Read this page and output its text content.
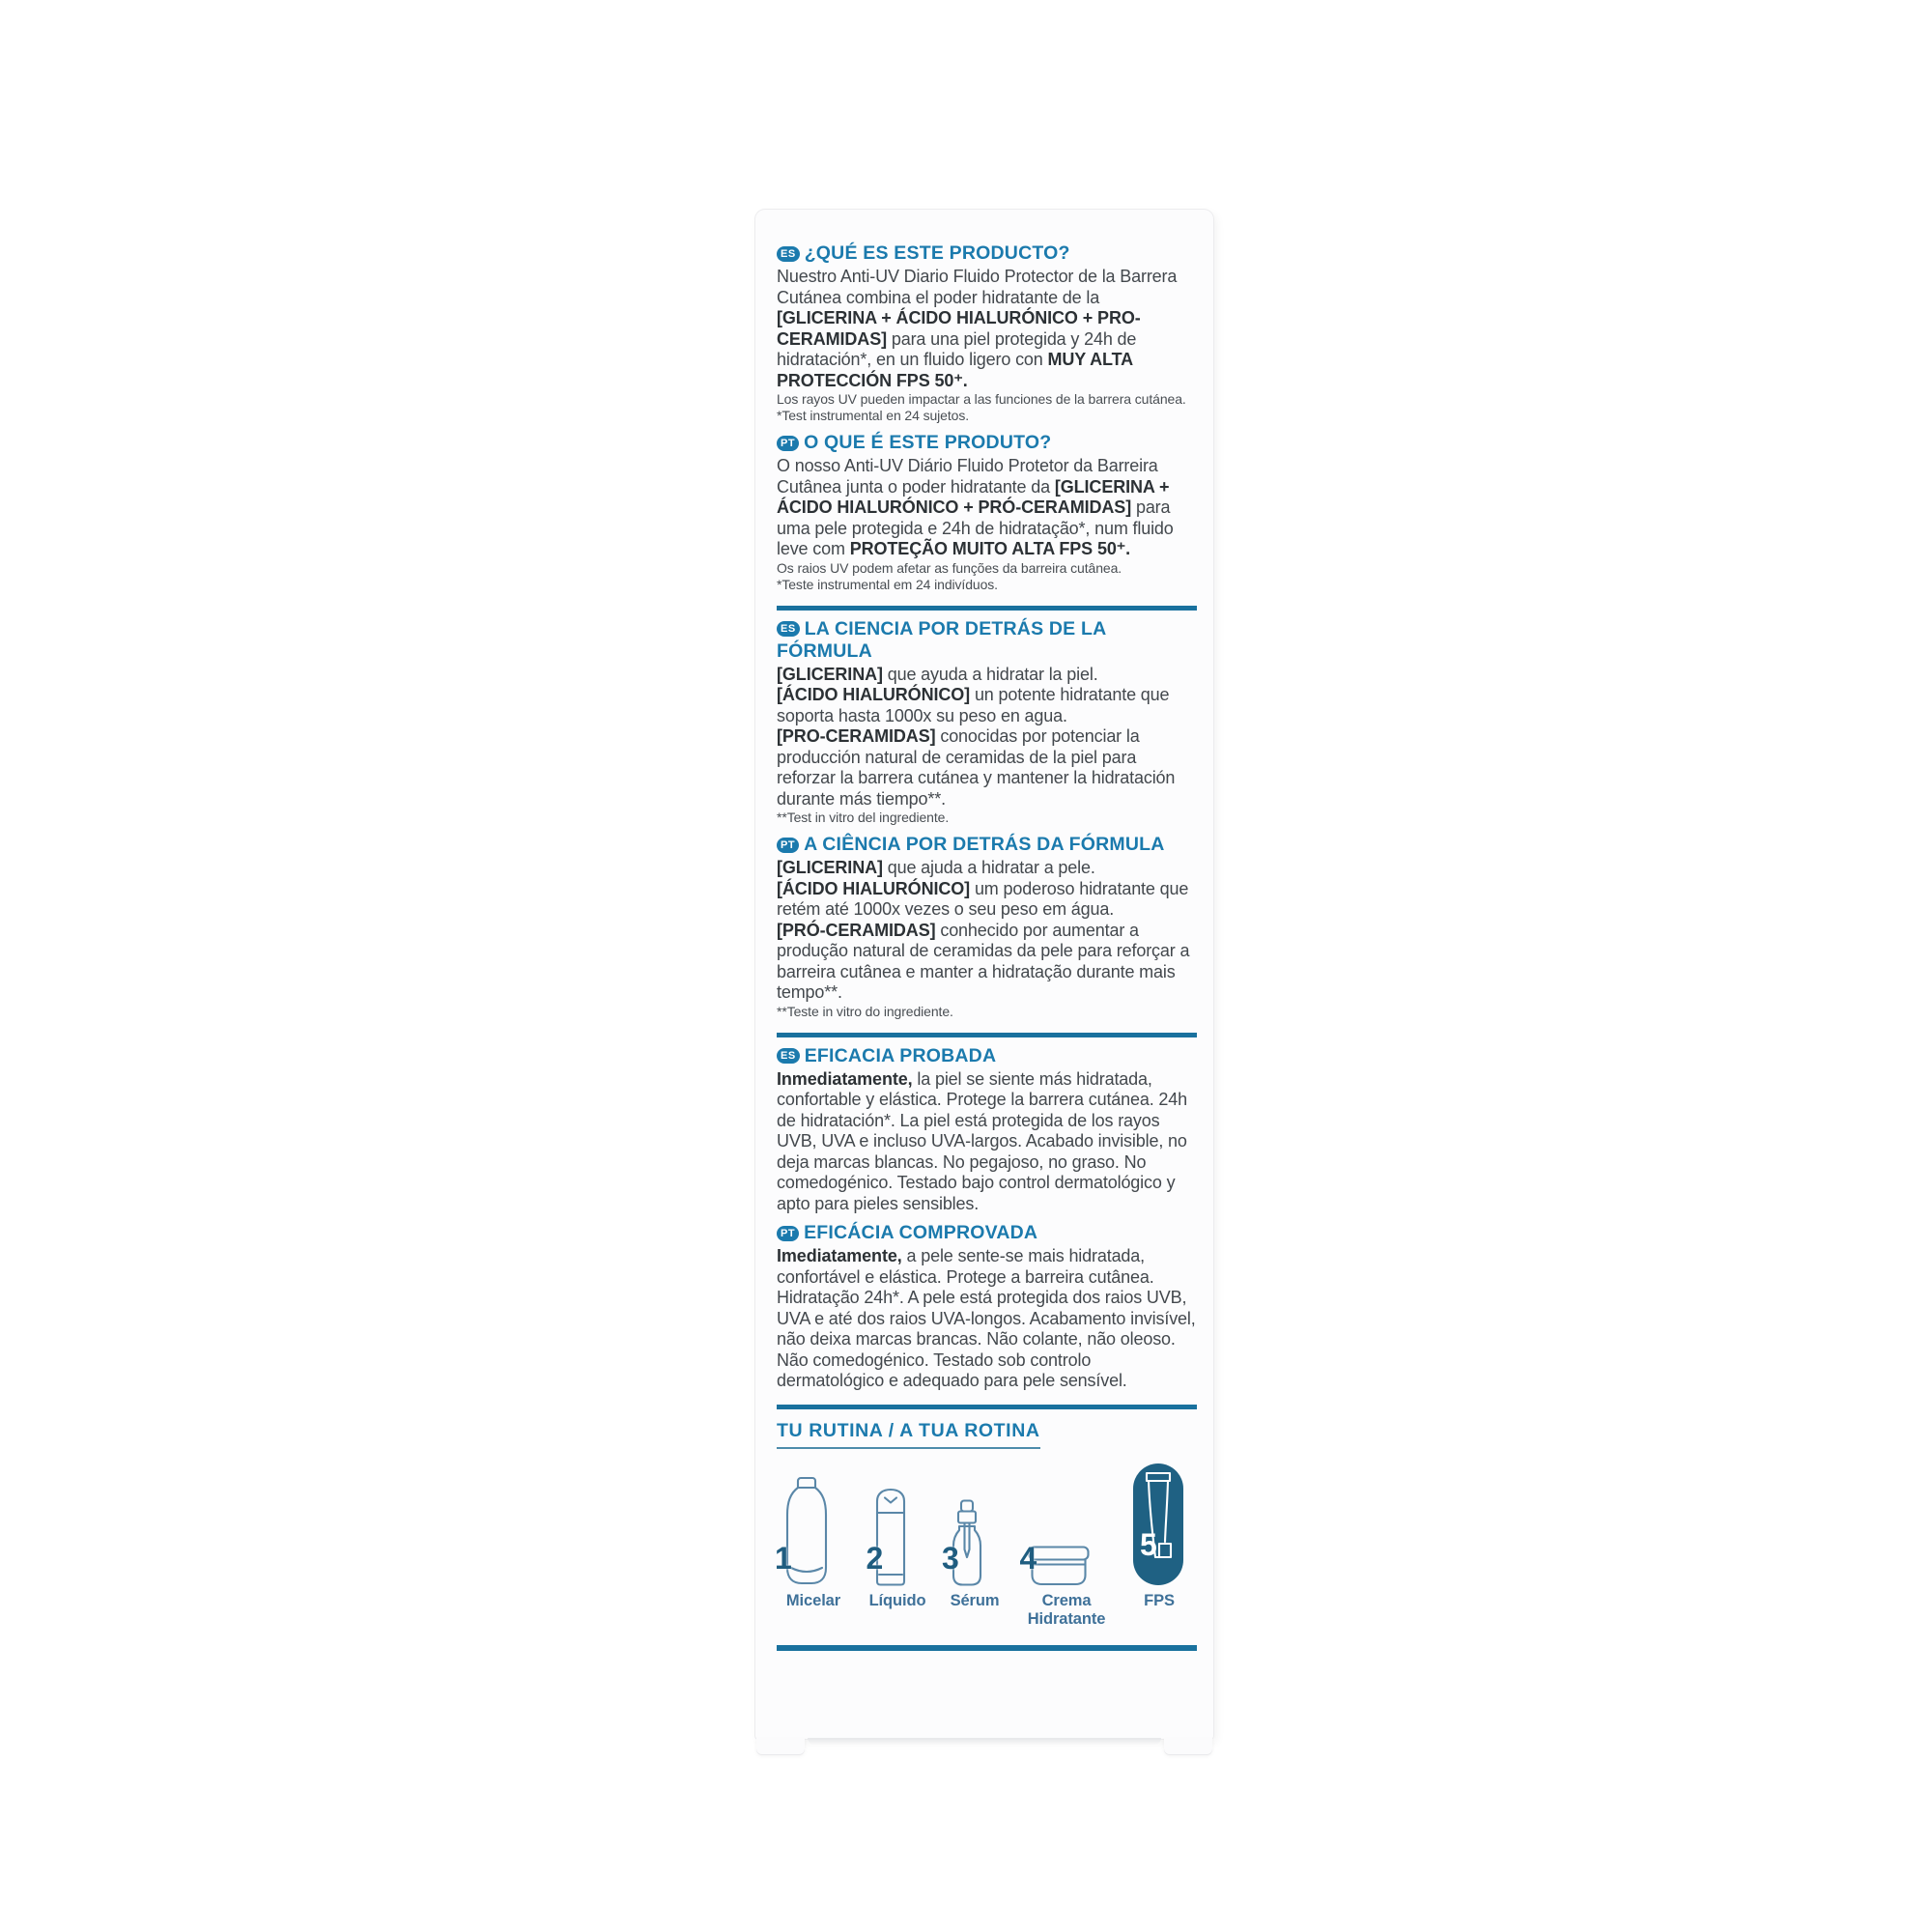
ES ¿QUÉ ES ESTE PRODUCTO?
Nuestro Anti-UV Diario Fluido Protector de la Barrera Cutánea combina el poder hidratante de la [GLICERINA + ÁCIDO HIALURÓNICO + PRO-CERAMIDAS] para una piel protegida y 24h de hidratación*, en un fluido ligero con MUY ALTA PROTECCIÓN FPS 50⁺.
Los rayos UV pueden impactar a las funciones de la barrera cutánea.
*Test instrumental en 24 sujetos.
PT O QUE É ESTE PRODUTO?
O nosso Anti-UV Diário Fluido Protetor da Barreira Cutânea junta o poder hidratante da [GLICERINA + ÁCIDO HIALURÓNICO + PRÓ-CERAMIDAS] para uma pele protegida e 24h de hidratação*, num fluido leve com PROTEÇÃO MUITO ALTA FPS 50⁺.
Os raios UV podem afetar as funções da barreira cutânea.
*Teste instrumental em 24 indivíduos.
ES LA CIENCIA POR DETRÁS DE LA FÓRMULA
[GLICERINA] que ayuda a hidratar la piel.
[ÁCIDO HIALURÓNICO] un potente hidratante que soporta hasta 1000x su peso en agua.
[PRO-CERAMIDAS] conocidas por potenciar la producción natural de ceramidas de la piel para reforzar la barrera cutánea y mantener la hidratación durante más tiempo**.
**Test in vitro del ingrediente.
PT A CIÊNCIA POR DETRÁS DA FÓRMULA
[GLICERINA] que ajuda a hidratar a pele.
[ÁCIDO HIALURÓNICO] um poderoso hidratante que retém até 1000x vezes o seu peso em água.
[PRÓ-CERAMIDAS] conhecido por aumentar a produção natural de ceramidas da pele para reforçar a barreira cutânea e manter a hidratação durante mais tempo**.
**Teste in vitro do ingrediente.
ES EFICACIA PROBADA
Inmediatamente, la piel se siente más hidratada, confortable y elástica. Protege la barrera cutánea. 24h de hidratación*. La piel está protegida de los rayos UVB, UVA e incluso UVA-largos. Acabado invisible, no deja marcas blancas. No pegajoso, no graso. No comedogénico. Testado bajo control dermatológico y apto para pieles sensibles.
PT EFICÁCIA COMPROVADA
Imediatamente, a pele sente-se mais hidratada, confortável e elástica. Protege a barreira cutânea. Hidratação 24h*. A pele está protegida dos raios UVB, UVA e até dos raios UVA-longos. Acabamento invisível, não deixa marcas brancas. Não colante, não oleoso. Não comedogénico. Testado sob controlo dermatológico e adequado para pele sensível.
TU RUTINA / A TUA ROTINA
1 2 3 4	5
Micelar	Líquido Sérum	Crema Hidratante
FPS
